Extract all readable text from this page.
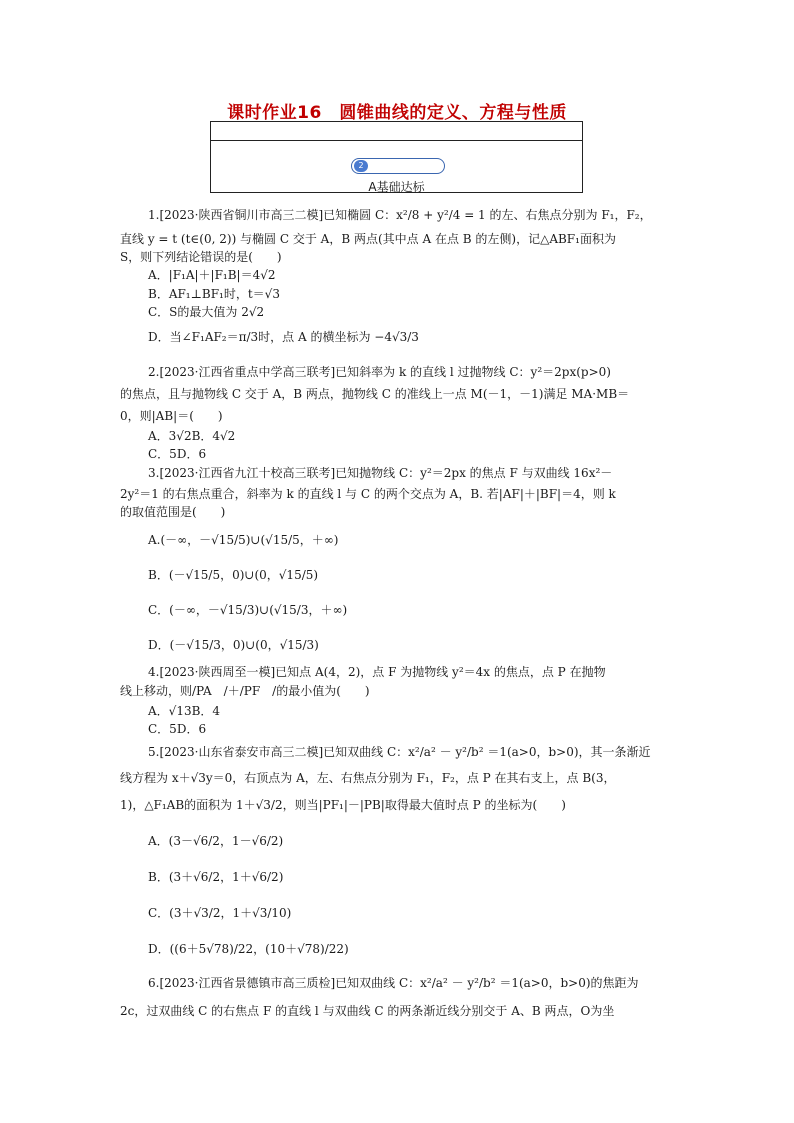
课时作业16　圆锥曲线的定义、方程与性质
2
A基础达标
1.[2023·陕西省铜川市高三二模]已知椭圆 C：x²/8 + y²/4 = 1 的左、右焦点分别为 F₁，F₂，
直线 y = t (t∈(0, 2)) 与椭圆 C 交于 A，B 两点(其中点 A 在点 B 的左侧)，记△ABF₁面积为
S，则下列结论错误的是(　　)
A．|F₁A|＋|F₁B|＝4√2
B．AF₁⊥BF₁时，t＝√3
C．S的最大值为 2√2
D．当∠F₁AF₂＝π/3时，点 A 的横坐标为 −4√3/3
2.[2023·江西省重点中学高三联考]已知斜率为 k 的直线 l 过抛物线 C：y²＝2px(p>0)
的焦点，且与抛物线 C 交于 A，B 两点，抛物线 C 的准线上一点 M(－1，－1)满足 MA·MB＝
0，则|AB|＝(　　)
A．3√2B．4√2
C．5D．6
3.[2023·江西省九江十校高三联考]已知抛物线 C：y²＝2px 的焦点 F 与双曲线 16x²－
2y²＝1 的右焦点重合，斜率为 k 的直线 l 与 C 的两个交点为 A，B. 若|AF|＋|BF|＝4，则 k
的取值范围是(　　)
A.(－∞，－√15/5)∪(√15/5，＋∞)
B．(－√15/5，0)∪(0，√15/5)
C．(－∞，－√15/3)∪(√15/3，＋∞)
D．(－√15/3，0)∪(0，√15/3)
4.[2023·陕西周至一模]已知点 A(4，2)，点 F 为抛物线 y²＝4x 的焦点，点 P 在抛物
线上移动，则/PA　/＋/PF　/的最小值为(　　)
A．√13B．4
C．5D．6
5.[2023·山东省泰安市高三二模]已知双曲线 C：x²/a² － y²/b² ＝1(a>0，b>0)，其一条渐近
线方程为 x＋√3y＝0，右顶点为 A，左、右焦点分别为 F₁，F₂，点 P 在其右支上，点 B(3，
1)，△F₁AB的面积为 1＋√3/2，则当|PF₁|－|PB|取得最大值时点 P 的坐标为(　　)
A．(3－√6/2，1－√6/2)
B．(3＋√6/2，1＋√6/2)
C．(3＋√3/2，1＋√3/10)
D．((6＋5√78)/22，(10＋√78)/22)
6.[2023·江西省景德镇市高三质检]已知双曲线 C：x²/a² － y²/b² ＝1(a>0，b>0)的焦距为
2c，过双曲线 C 的右焦点 F 的直线 l 与双曲线 C 的两条渐近线分别交于 A、B 两点，O为坐
